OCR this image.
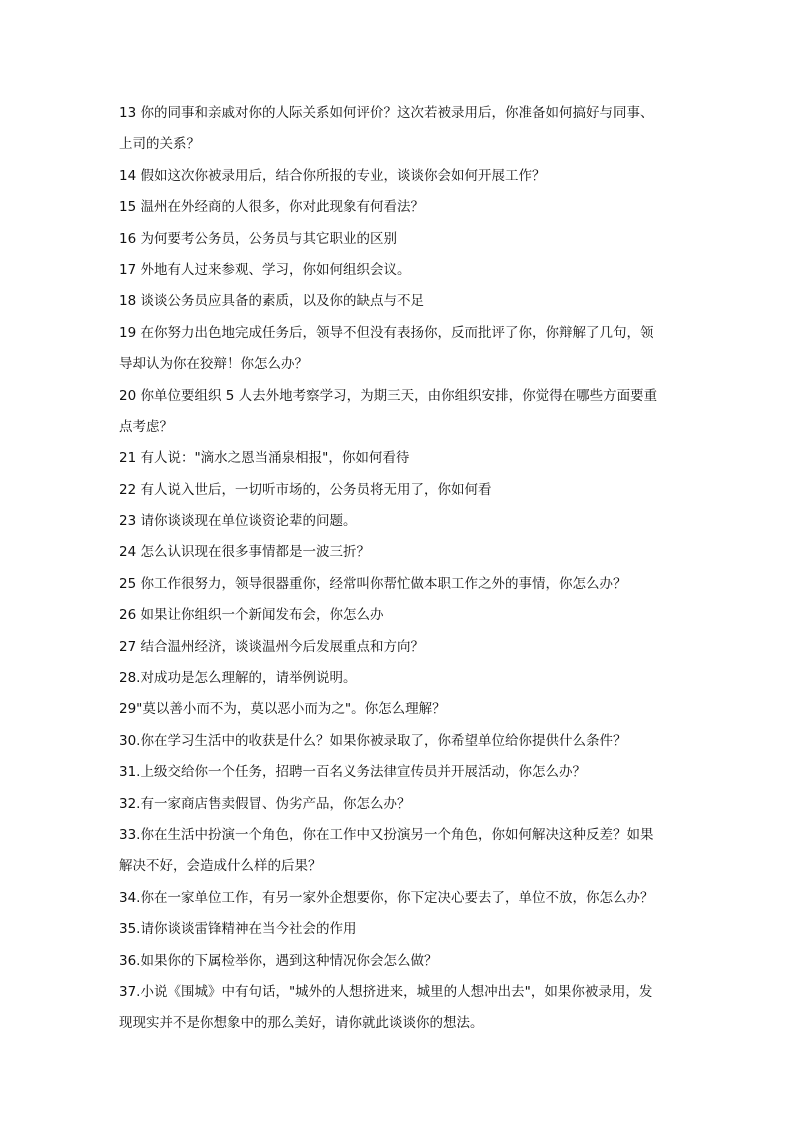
13 你的同事和亲戚对你的人际关系如何评价？这次若被录用后，你准备如何搞好与同事、
上司的关系？
14 假如这次你被录用后，结合你所报的专业，谈谈你会如何开展工作？
15 温州在外经商的人很多，你对此现象有何看法？
16 为何要考公务员，公务员与其它职业的区别
17 外地有人过来参观、学习，你如何组织会议。
18 谈谈公务员应具备的素质，以及你的缺点与不足
19 在你努力出色地完成任务后，领导不但没有表扬你，反而批评了你，你辩解了几句，领
导却认为你在狡辩！你怎么办？
20 你单位要组织 5 人去外地考察学习，为期三天，由你组织安排，你觉得在哪些方面要重
点考虑？
21 有人说："滴水之恩当涌泉相报"，你如何看待
22 有人说入世后，一切听市场的，公务员将无用了，你如何看
23 请你谈谈现在单位谈资论辈的问题。
24 怎么认识现在很多事情都是一波三折？
25 你工作很努力，领导很器重你，经常叫你帮忙做本职工作之外的事情，你怎么办？
26 如果让你组织一个新闻发布会，你怎么办
27 结合温州经济，谈谈温州今后发展重点和方向？
28.对成功是怎么理解的，请举例说明。
29"莫以善小而不为，莫以恶小而为之"。你怎么理解？
30.你在学习生活中的收获是什么？如果你被录取了，你希望单位给你提供什么条件？
31.上级交给你一个任务，招聘一百名义务法律宣传员并开展活动，你怎么办？
32.有一家商店售卖假冒、伪劣产品，你怎么办？
33.你在生活中扮演一个角色，你在工作中又扮演另一个角色，你如何解决这种反差？如果
解决不好，会造成什么样的后果？
34.你在一家单位工作，有另一家外企想要你，你下定决心要去了，单位不放，你怎么办？
35.请你谈谈雷锋精神在当今社会的作用
36.如果你的下属检举你，遇到这种情况你会怎么做？
37.小说《围城》中有句话，"城外的人想挤进来，城里的人想冲出去"，如果你被录用，发
现现实并不是你想象中的那么美好，请你就此谈谈你的想法。
